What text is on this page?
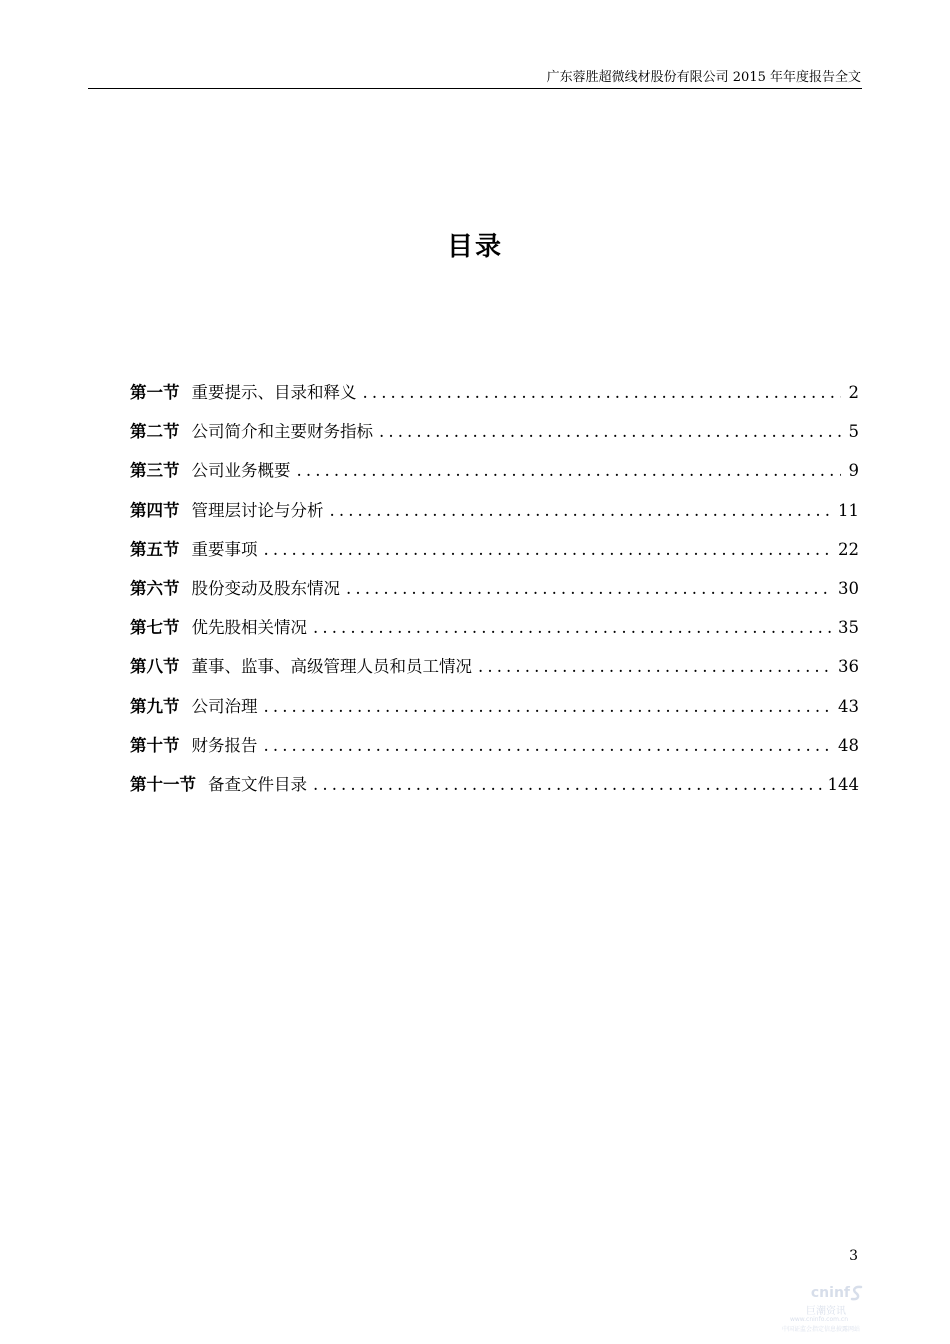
广东蓉胜超微线材股份有限公司 2015 年年度报告全文
目录
第一节 重要提示、目录和释义 .....	2
第二节 公司简介和主要财务指标 .....	5
第三节 公司业务概要 .....	9
第四节 管理层讨论与分析 .....	11
第五节 重要事项 .....	22
第六节 股份变动及股东情况 .....	30
第七节 优先股相关情况 .....	35
第八节 董事、监事、高级管理人员和员工情况 .....	36
第九节 公司治理 .....	43
第十节 财务报告 .....	48
第十一节 备查文件目录 .....	144
3
cninf
巨潮资讯
www.cninfo.com.cn
中国证监会指定信息披露网站
